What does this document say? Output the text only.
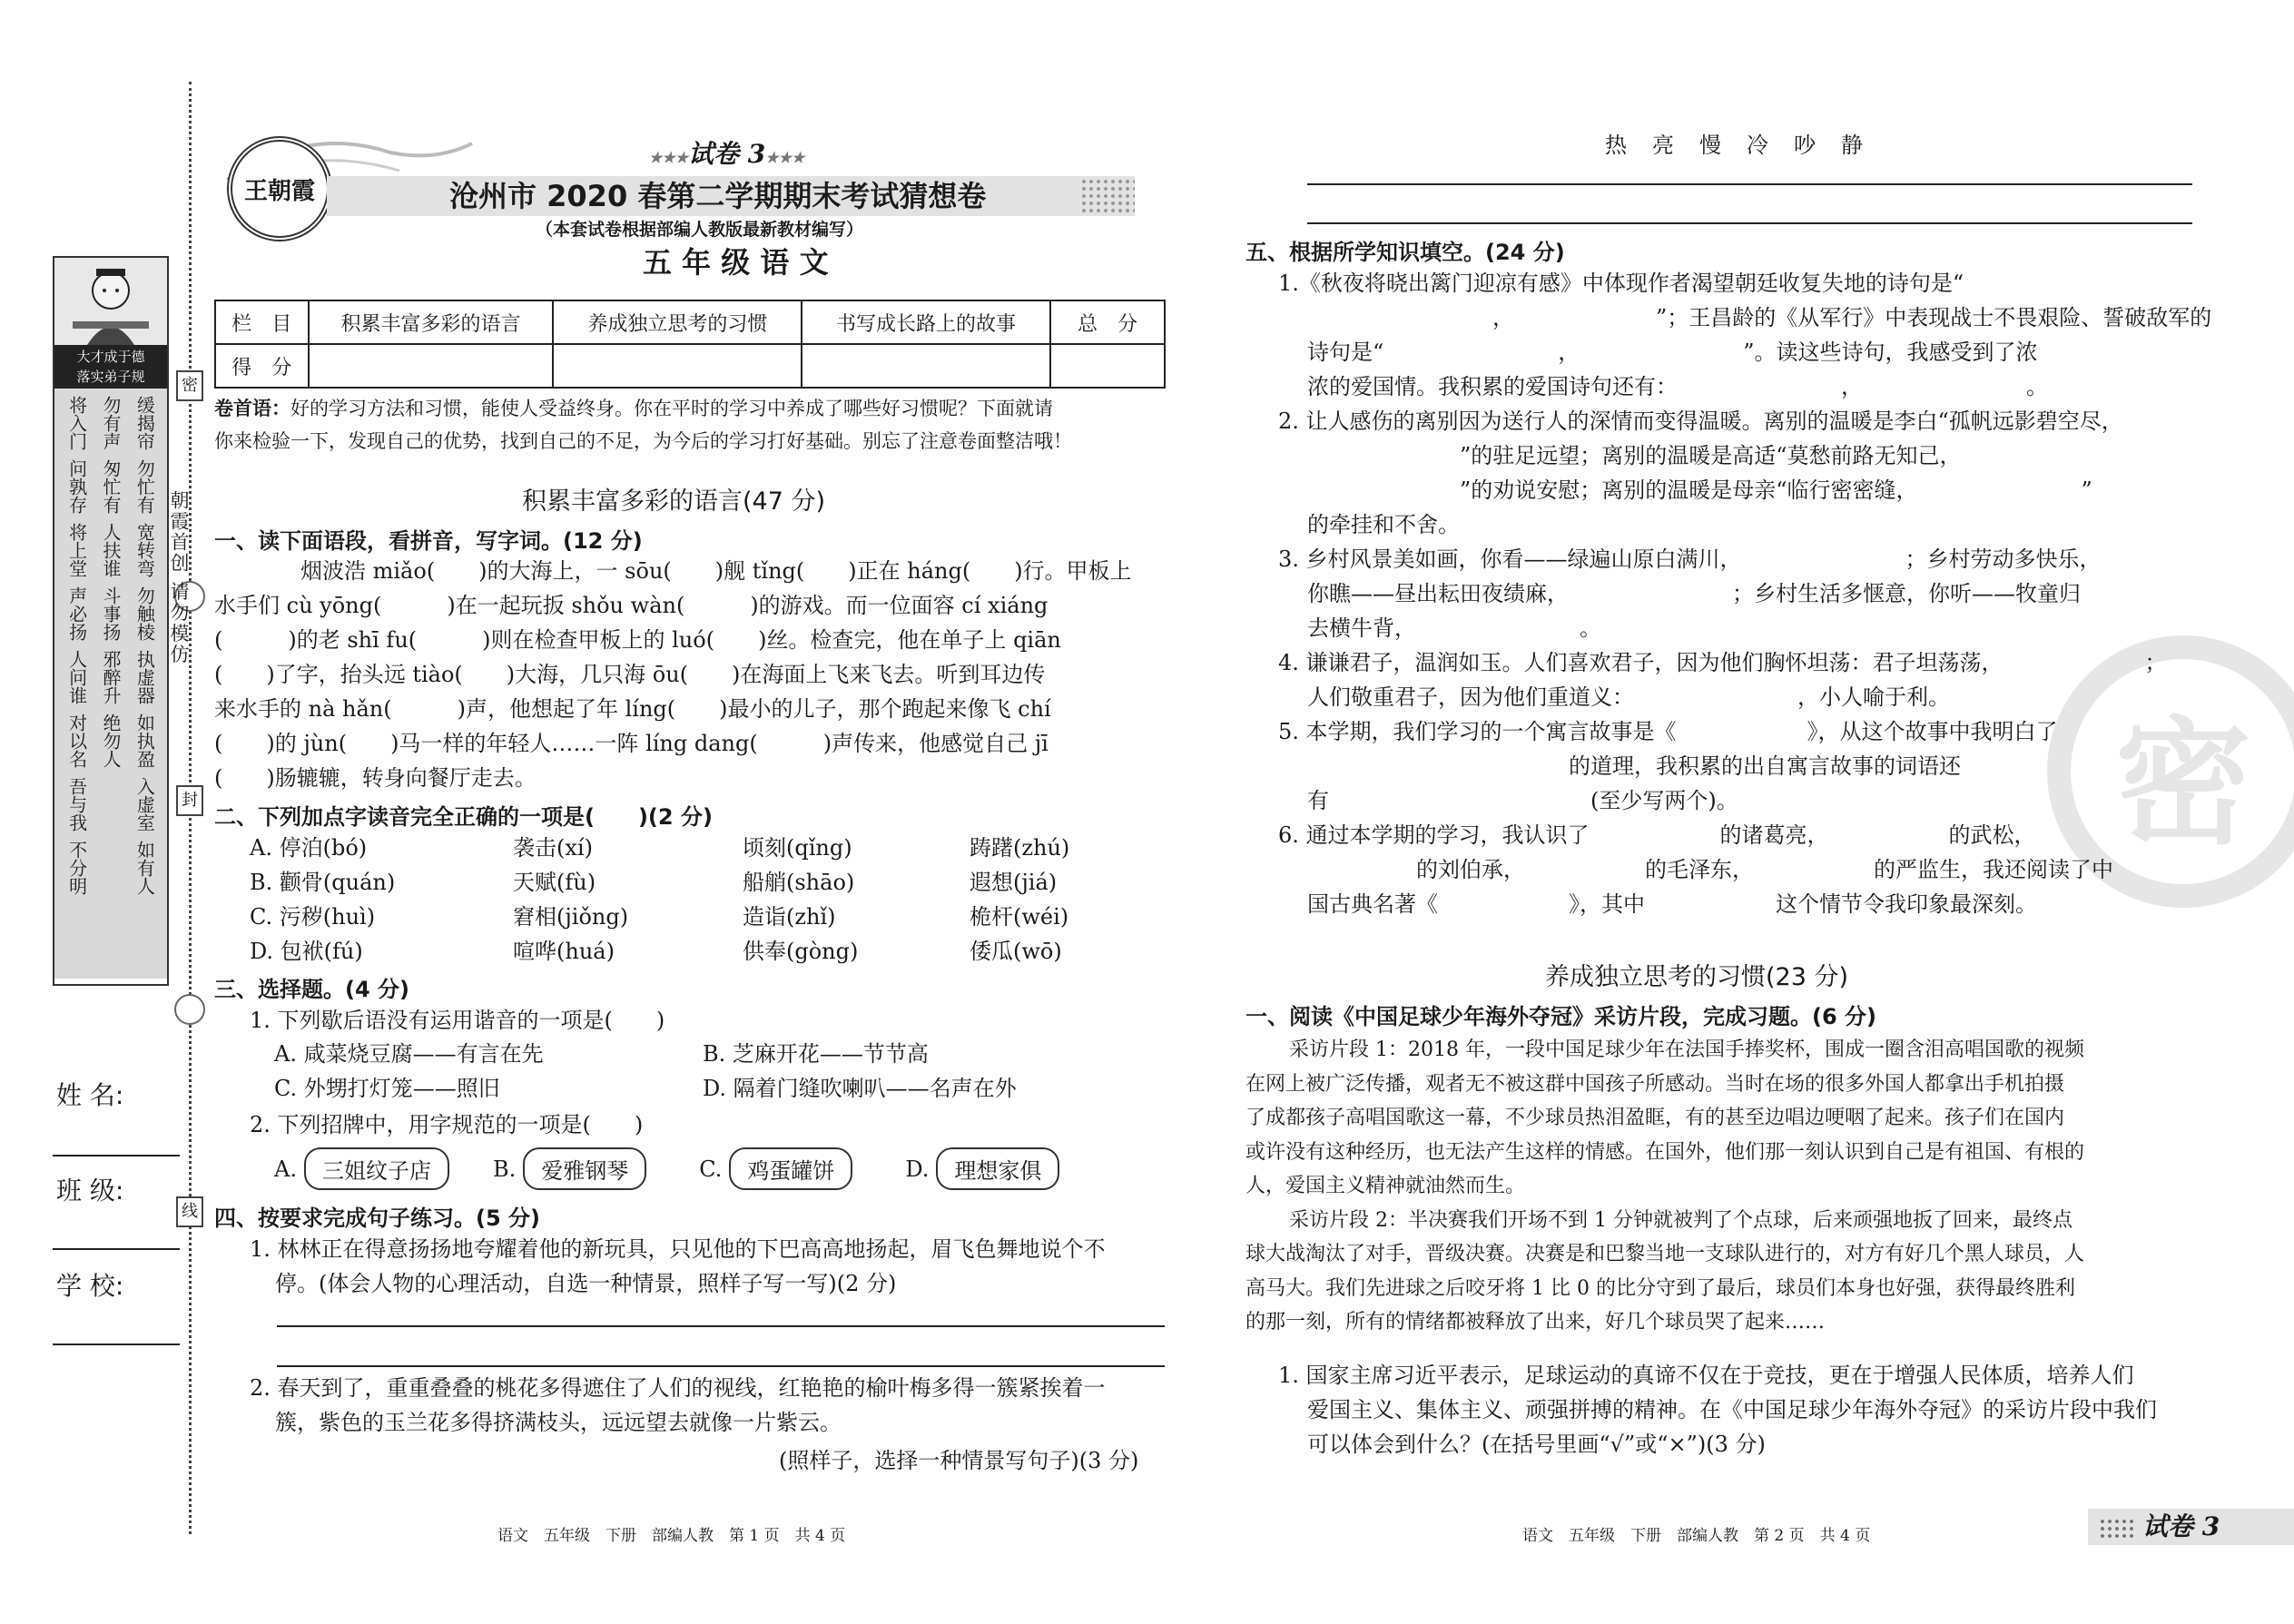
密
封
线
朝霞首创 请勿模仿
大才成于德
落实弟子规
将入门
问孰存
将上堂
声必扬
人问谁
对以名
吾与我
不分明
勿有声
匆忙有
人扶谁
斗事扬
邪醉升
绝勿人
缓揭帘
勿忙有
宽转弯
勿触棱
执虚器
如执盈
入虚室
如有人
姓 名:
班 级:
学 校:
王朝霞
★★★试卷 3★★★
沧州市 2020 春第二学期期末考试猜想卷
（本套试卷根据部编人教版最新教材编写）
五 年 级 语 文
栏　目	积累丰富多彩的语言	养成独立思考的习惯	书写成长路上的故事	总　分
得　分				
卷首语：好的学习方法和习惯，能使人受益终身。你在平时的学习中养成了哪些好习惯呢？下面就请
你来检验一下，发现自己的优势，找到自己的不足，为今后的学习打好基础。别忘了注意卷面整洁哦！
积累丰富多彩的语言(47 分)
一、读下面语段，看拼音，写字词。(12 分)
烟波浩 miǎo(　　)的大海上，一 sōu(　　)舰 tǐng(　　)正在 háng(　　)行。甲板上
水手们 cù yōng(　　　)在一起玩扳 shǒu wàn(　　　)的游戏。而一位面容 cí xiáng
(　　　)的老 shī fu(　　　)则在检查甲板上的 luó(　　)丝。检查完，他在单子上 qiān
(　　)了字，抬头远 tiào(　　)大海，几只海 ōu(　　)在海面上飞来飞去。听到耳边传
来水手的 nà hǎn(　　　)声，他想起了年 líng(　　)最小的儿子，那个跑起来像飞 chí
(　　)的 jùn(　　)马一样的年轻人……一阵 líng dang(　　　)声传来，他感觉自己 jī
(　　)肠辘辘，转身向餐厅走去。
二、下列加点字读音完全正确的一项是(　　)(2 分)
A. 停泊(bó)	袭击(xí)	顷刻(qǐng)	踌躇(zhú)
B. 颧骨(quán)	天赋(fù)	船艄(shāo)	遐想(jiá)
C. 污秽(huì)	窘相(jiǒng)	造诣(zhǐ)	桅杆(wéi)
D. 包袱(fú)	喧哗(huá)	供奉(gòng)	倭瓜(wō)
三、选择题。(4 分)
1. 下列歇后语没有运用谐音的一项是(　　)
A. 咸菜烧豆腐——有言在先	B. 芝麻开花——节节高
C. 外甥打灯笼——照旧	D. 隔着门缝吹喇叭——名声在外
2. 下列招牌中，用字规范的一项是(　　)
A.	三姐纹子店	B.	爱雅钢琴	C.	鸡蛋罐饼	D.	理想家俱
四、按要求完成句子练习。(5 分)
1. 林林正在得意扬扬地夸耀着他的新玩具，只见他的下巴高高地扬起，眉飞色舞地说个不
停。(体会人物的心理活动，自选一种情景，照样子写一写)(2 分)
2. 春天到了，重重叠叠的桃花多得遮住了人们的视线，红艳艳的榆叶梅多得一簇紧挨着一
簇，紫色的玉兰花多得挤满枝头，远远望去就像一片紫云。
(照样子，选择一种情景写句子)(3 分)
语文　五年级　下册　部编人教　第 1 页　共 4 页
热　亮　慢　冷　吵　静
密
五、根据所学知识填空。(24 分)
1.《秋夜将晓出篱门迎凉有感》中体现作者渴望朝廷收复失地的诗句是“
，　　　　　　　”；王昌龄的《从军行》中表现战士不畏艰险、誓破敌军的
诗句是“　　　　　　　　，　　　　　　　　”。读这些诗句，我感受到了浓
浓的爱国情。我积累的爱国诗句还有：　　　　　　　　，　　　　　　　　。
2. 让人感伤的离别因为送行人的深情而变得温暖。离别的温暖是李白“孤帆远影碧空尽，
　　　　　　　”的驻足远望；离别的温暖是高适“莫愁前路无知己，
　　　　　　　”的劝说安慰；离别的温暖是母亲“临行密密缝，　　　　　　　　”
的牵挂和不舍。
3. 乡村风景美如画，你看——绿遍山原白满川，　　　　　　　　；乡村劳动多快乐，
你瞧——昼出耘田夜绩麻，　　　　　　　　；乡村生活多惬意，你听——牧童归
去横牛背，　　　　　　　　。
4. 谦谦君子，温润如玉。人们喜欢君子，因为他们胸怀坦荡：君子坦荡荡，　　　　　　　；
人们敬重君子，因为他们重道义：　　　　　　　　，小人喻于利。
5. 本学期，我们学习的一个寓言故事是《　　　　　　》，从这个故事中我明白了
　　　　　　　　　　　　的道理，我积累的出自寓言故事的词语还
有　　　　　　　　　　　　(至少写两个)。
6. 通过本学期的学习，我认识了　　　　　　的诸葛亮，　　　　　　的武松，
　　　　　的刘伯承，　　　　　　的毛泽东，　　　　　　的严监生，我还阅读了中
国古典名著《　　　　　　》，其中　　　　　　这个情节令我印象最深刻。
养成独立思考的习惯(23 分)
一、阅读《中国足球少年海外夺冠》采访片段，完成习题。(6 分)
采访片段 1：2018 年，一段中国足球少年在法国手捧奖杯，围成一圈含泪高唱国歌的视频
在网上被广泛传播，观者无不被这群中国孩子所感动。当时在场的很多外国人都拿出手机拍摄
了成都孩子高唱国歌这一幕，不少球员热泪盈眶，有的甚至边唱边哽咽了起来。孩子们在国内
或许没有这种经历，也无法产生这样的情感。在国外，他们那一刻认识到自己是有祖国、有根的
人，爱国主义精神就油然而生。
采访片段 2：半决赛我们开场不到 1 分钟就被判了个点球，后来顽强地扳了回来，最终点
球大战淘汰了对手，晋级决赛。决赛是和巴黎当地一支球队进行的，对方有好几个黑人球员，人
高马大。我们先进球之后咬牙将 1 比 0 的比分守到了最后，球员们本身也好强，获得最终胜利
的那一刻，所有的情绪都被释放了出来，好几个球员哭了起来……
1. 国家主席习近平表示，足球运动的真谛不仅在于竞技，更在于增强人民体质，培养人们
爱国主义、集体主义、顽强拼搏的精神。在《中国足球少年海外夺冠》的采访片段中我们
可以体会到什么？(在括号里画“√”或“×”)(3 分)
语文　五年级　下册　部编人教　第 2 页　共 4 页	试卷 3
